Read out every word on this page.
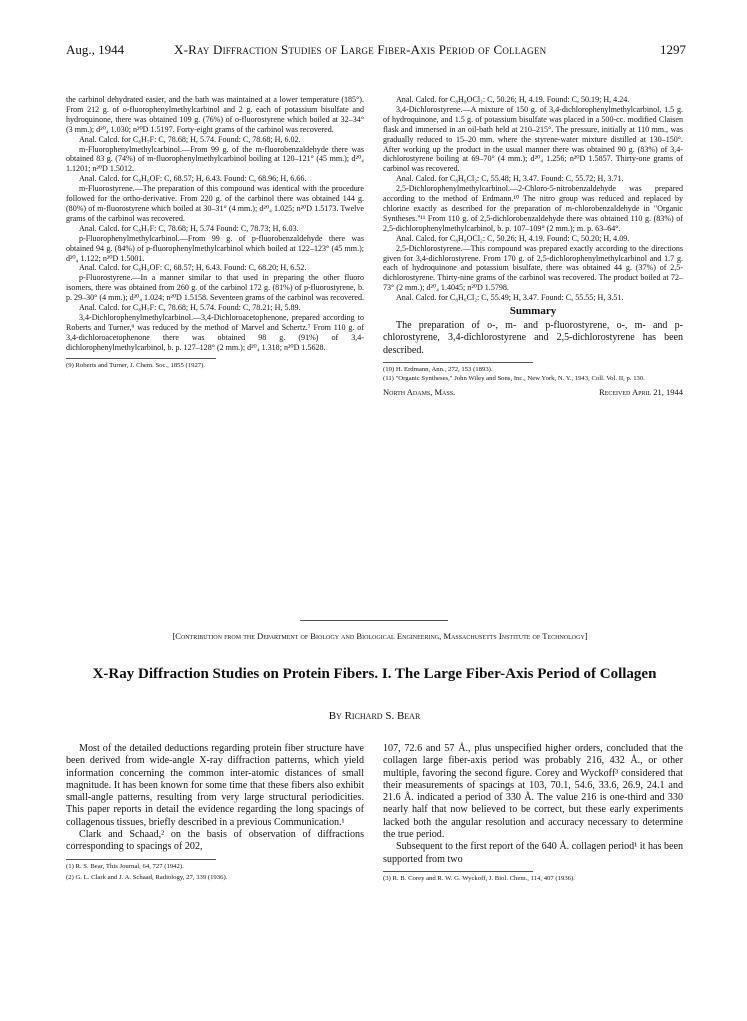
Aug., 1944	X-Ray Diffraction Studies of Large Fiber-Axis Period of Collagen	1297

the carbinol dehydrated easier, and the bath was maintained at a lower temperature (185°). From 212 g. of o-fluorophenylmethylcarbinol and 2 g. each of potassium bisulfate and hydroquinone, there was obtained 109 g. (76%) of o-fluorostyrene which boiled at 32–34° (3 mm.); d²⁰₄ 1.030; n²⁰D 1.5197. Forty-eight grams of the carbinol was recovered.

Anal. Calcd. for C₈H₇F: C, 78.68; H, 5.74. Found: C, 78.68; H, 6.02.

m-Fluorophenylmethylcarbinol.—From 99 g. of the m-fluorobenzaldehyde there was obtained 83 g. (74%) of m-fluorophenylmethylcarbinol boiling at 120–121° (45 mm.); d²⁰₄ 1.1201; n²⁰D 1.5012.

Anal. Calcd. for C₈H₉OF: C, 68.57; H, 6.43. Found: C, 68.96; H, 6.66.

m-Fluorostyrene.—The preparation of this compound was identical with the procedure followed for the ortho-derivative. From 220 g. of the carbinol there was obtained 144 g. (80%) of m-fluorostyrene which boiled at 30–31° (4 mm.); d²⁰₄ 1.025; n²⁰D 1.5173. Twelve grams of the carbinol was recovered.

Anal. Calcd. for C₈H₇F: C, 78.68; H, 5.74 Found: C, 78.73; H, 6.03.

p-Fluorophenylmethylcarbinol.—From 99 g. of p-fluorobenzaldehyde there was obtained 94 g. (84%) of p-fluorophenylmethylcarbinol which boiled at 122–123° (45 mm.); d²⁰₄ 1.122; n²⁰D 1.5001.

Anal. Calcd. for C₈H₉OF: C, 68.57; H, 6.43. Found: C, 68.20; H, 6.52.

p-Fluorostyrene.—In a manner similar to that used in preparing the other fluoro isomers, there was obtained from 260 g. of the carbinol 172 g. (81%) of p-fluorostyrene, b. p. 29–30° (4 mm.); d²⁰₄ 1.024; n²⁰D 1.5158. Seventeen grams of the carbinol was recovered.

Anal. Calcd. for C₈H₇F: C, 78.68; H, 5.74. Found: C, 78.21; H, 5.89.

3,4-Dichlorophenylmethylcarbinol.—3,4-Dichloroacetophenone, prepared according to Roberts and Turner,⁹ was reduced by the method of Marvel and Schertz.⁷ From 110 g. of 3,4-dichloroacetophenone there was obtained 98 g. (91%) of 3,4-dichlorophenylmethylcarbinol, b. p. 127–128° (2 mm.); d²⁰₄ 1.318; n²⁰D 1.5628.

(9) Roberts and Turner, J. Chem. Soc., 1855 (1927).

Anal. Calcd. for C₈H₈OCl₂: C, 50.26; H, 4.19. Found: C, 50.19; H, 4.24.

3,4-Dichlorostyrene.—A mixture of 150 g. of 3,4-dichlorophenylmethylcarbinol, 1.5 g. of hydroquinone, and 1.5 g. of potassium bisulfate was placed in a 500-cc. modified Claisen flask and immersed in an oil-bath held at 210–215°. The pressure, initially at 110 mm., was gradually reduced to 15–20 mm. where the styrene-water mixture distilled at 130–150°. After working up the product in the usual manner there was obtained 90 g. (83%) of 3,4-dichlorostyrene boiling at 69–70° (4 mm.); d²⁰₄ 1.256; n²⁰D 1.5857. Thirty-one grams of carbinol was recovered.

Anal. Calcd. for C₈H₆Cl₂: C, 55.48; H, 3.47. Found: C, 55.72; H, 3.71.

2,5-Dichlorophenylmethylcarbinol.—2-Chloro-5-nitrobenzaldehyde was prepared according to the method of Erdmann.¹⁰ The nitro group was reduced and replaced by chlorine exactly as described for the preparation of m-chlorobenzaldehyde in "Organic Syntheses."¹¹ From 110 g. of 2,5-dichlorobenzaldehyde there was obtained 110 g. (83%) of 2,5-dichlorophenylmethylcarbinol, b. p. 107–109° (2 mm.); m. p. 63–64°.

Anal. Calcd. for C₈H₈OCl₂: C, 50.26; H, 4.19. Found: C, 50.20; H, 4.09.

2,5-Dichlorostyrene.—This compound was prepared exactly according to the directions given for 3,4-dichlorostyrene. From 170 g. of 2,5-dichlorophenylmethylcarbinol and 1.7 g. each of hydroquinone and potassium bisulfate, there was obtained 44 g. (37%) of 2,5-dichlorostyrene. Thirty-nine grams of the carbinol was recovered. The product boiled at 72–73° (2 mm.); d²⁰₄ 1.4045; n²⁰D 1.5798.

Anal. Calcd. for C₈H₆Cl₂: C, 55.49; H, 3.47. Found: C, 55.55; H, 3.51.

Summary

The preparation of o-, m- and p-fluorostyrene, o-, m- and p-chlorostyrene, 3,4-dichlorostyrene and 2,5-dichlorostyrene has been described.

(10) H. Erdmann, Ann., 272, 153 (1893).

(11) "Organic Syntheses," John Wiley and Sons, Inc., New York, N. Y., 1943, Coll. Vol. II, p. 130.

North Adams, Mass.	Received April 21, 1944
[Contribution from the Department of Biology and Biological Engineering, Massachusetts Institute of Technology]
X-Ray Diffraction Studies on Protein Fibers. I. The Large Fiber-Axis Period of Collagen
By Richard S. Bear

Most of the detailed deductions regarding protein fiber structure have been derived from wide-angle X-ray diffraction patterns, which yield information concerning the common inter-atomic distances of small magnitude. It has been known for some time that these fibers also exhibit small-angle patterns, resulting from very large structural periodicities. This paper reports in detail the evidence regarding the long spacings of collagenous tissues, briefly described in a previous Communication.¹

Clark and Schaad,² on the basis of observation of diffractions corresponding to spacings of 202,

(1) R. S. Bear, This Journal, 64, 727 (1942).

(2) G. L. Clark and J. A. Schaad, Radiology, 27, 339 (1936).

107, 72.6 and 57 Å., plus unspecified higher orders, concluded that the collagen large fiber-axis period was probably 216, 432 Å., or other multiple, favoring the second figure. Corey and Wyckoff³ considered that their measurements of spacings at 103, 70.1, 54.6, 33.6, 26.9, 24.1 and 21.6 Å. indicated a period of 330 Å. The value 216 is one-third and 330 nearly half that now believed to be correct, but these early experiments lacked both the angular resolution and accuracy necessary to determine the true period.

Subsequent to the first report of the 640 Å. collagen period¹ it has been supported from two

(3) R. B. Corey and R. W. G. Wyckoff, J. Biol. Chem., 114, 407 (1936).
